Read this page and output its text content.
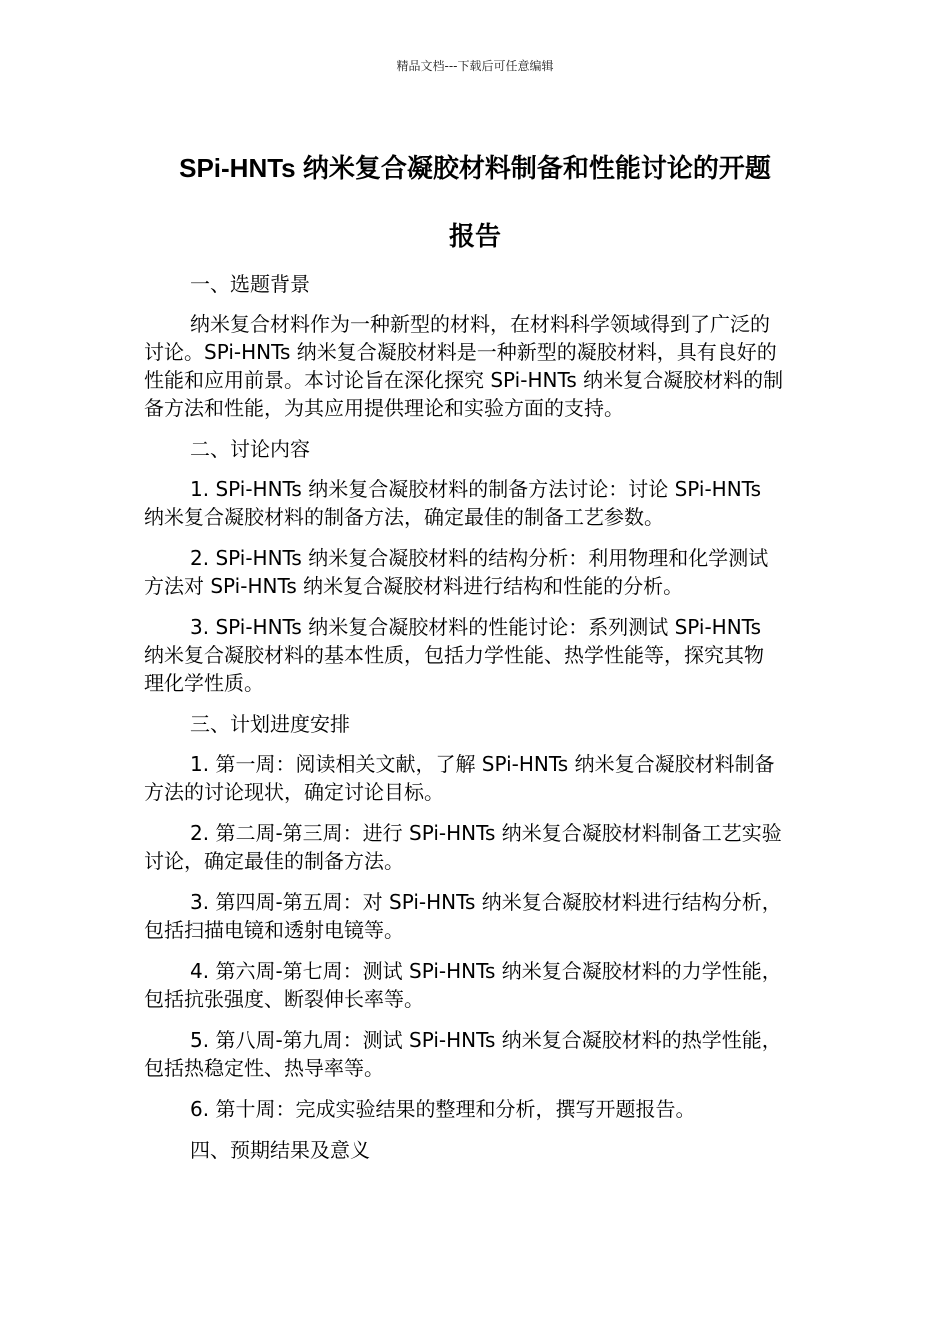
精品文档---下载后可任意编辑
SPi-HNTs 纳米复合凝胶材料制备和性能讨论的开题
报告

一、选题背景

纳米复合材料作为一种新型的材料，在材料科学领域得到了广泛的
讨论。SPi-HNTs 纳米复合凝胶材料是一种新型的凝胶材料，具有良好的
性能和应用前景。本讨论旨在深化探究 SPi-HNTs 纳米复合凝胶材料的制
备方法和性能，为其应用提供理论和实验方面的支持。

二、讨论内容

1. SPi-HNTs 纳米复合凝胶材料的制备方法讨论：讨论 SPi-HNTs
纳米复合凝胶材料的制备方法，确定最佳的制备工艺参数。

2. SPi-HNTs 纳米复合凝胶材料的结构分析：利用物理和化学测试
方法对 SPi-HNTs 纳米复合凝胶材料进行结构和性能的分析。

3. SPi-HNTs 纳米复合凝胶材料的性能讨论：系列测试 SPi-HNTs
纳米复合凝胶材料的基本性质，包括力学性能、热学性能等，探究其物
理化学性质。

三、计划进度安排

1. 第一周：阅读相关文献，了解 SPi-HNTs 纳米复合凝胶材料制备
方法的讨论现状，确定讨论目标。

2. 第二周-第三周：进行 SPi-HNTs 纳米复合凝胶材料制备工艺实验
讨论，确定最佳的制备方法。

3. 第四周-第五周：对 SPi-HNTs 纳米复合凝胶材料进行结构分析，
包括扫描电镜和透射电镜等。

4. 第六周-第七周：测试 SPi-HNTs 纳米复合凝胶材料的力学性能，
包括抗张强度、断裂伸长率等。

5. 第八周-第九周：测试 SPi-HNTs 纳米复合凝胶材料的热学性能，
包括热稳定性、热导率等。

6. 第十周：完成实验结果的整理和分析，撰写开题报告。

四、预期结果及意义
